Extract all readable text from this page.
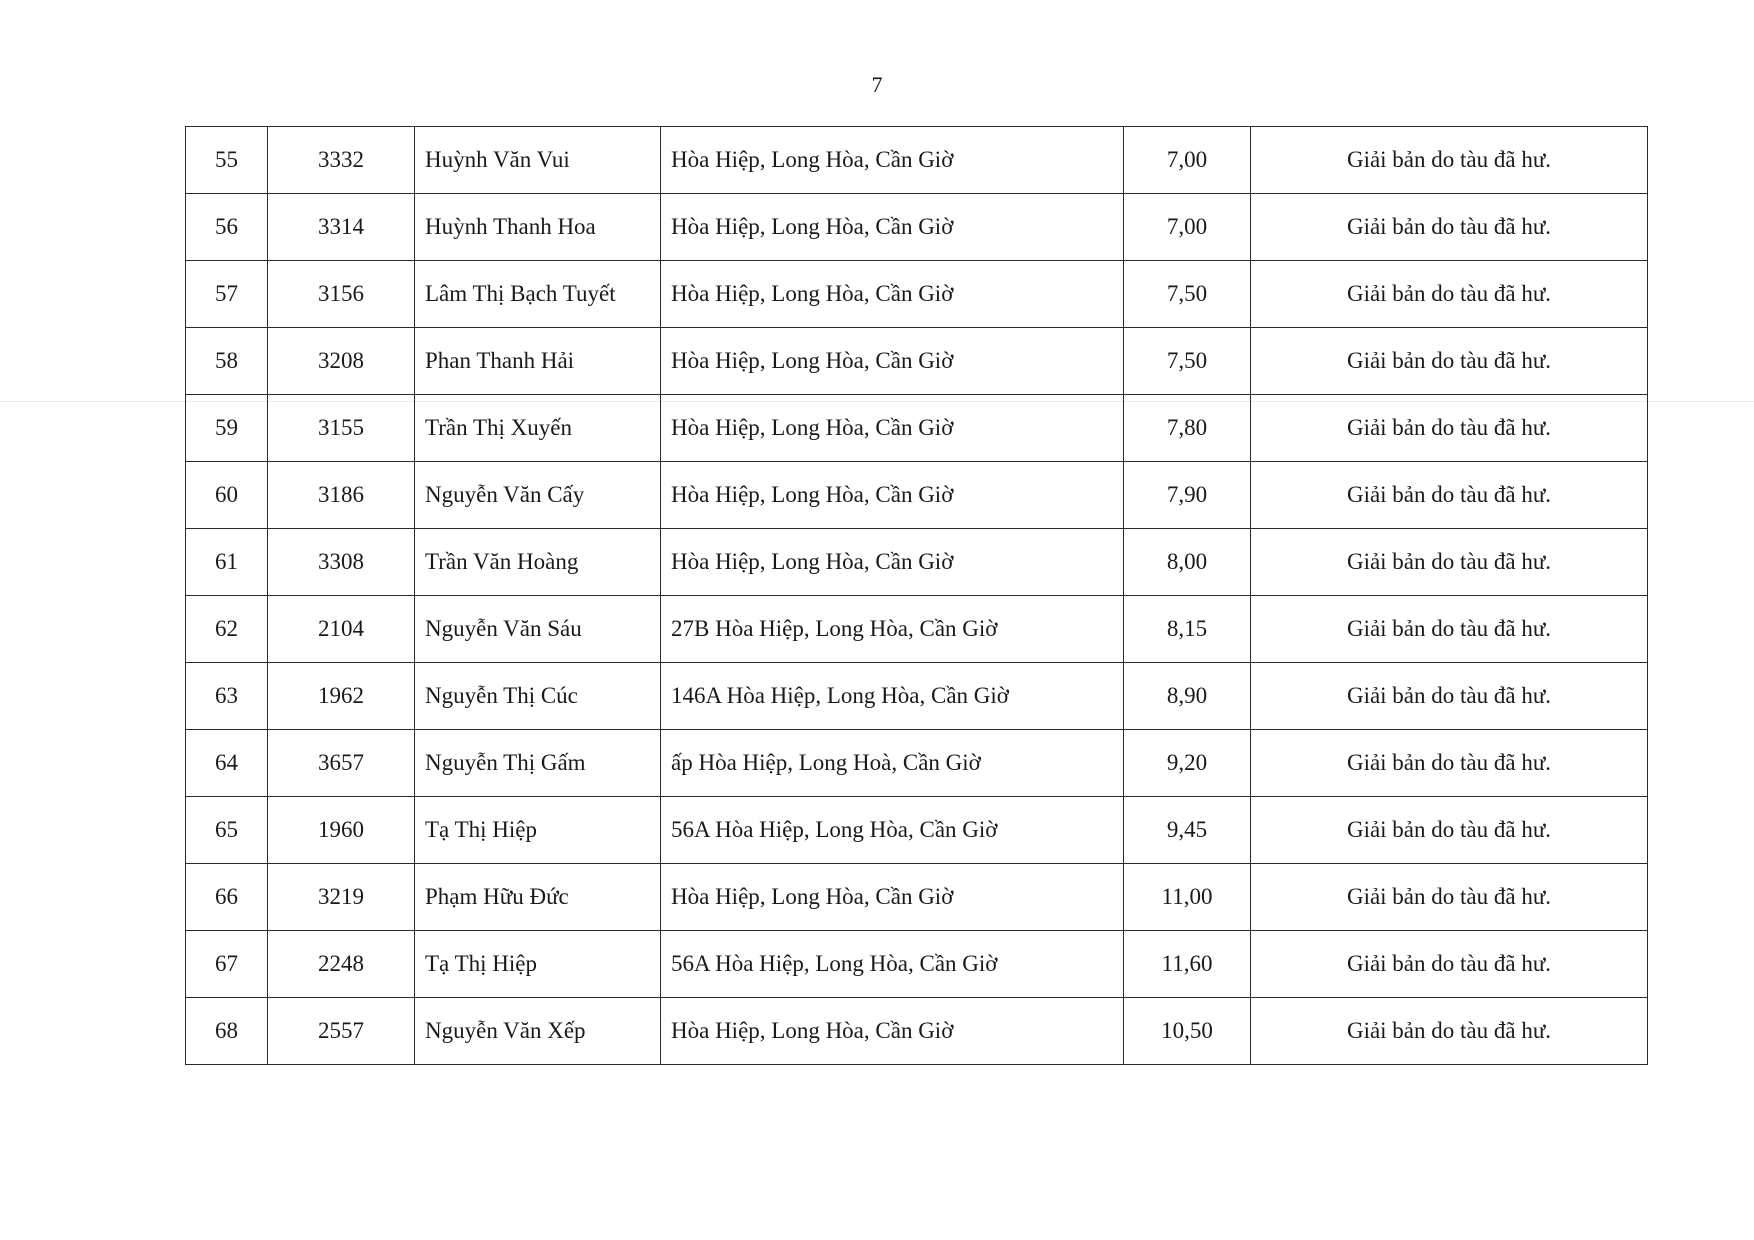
7
55	3332	Huỳnh Văn Vui	Hòa Hiệp, Long Hòa, Cần Giờ	7,00	Giải bản do tàu đã hư.
56	3314	Huỳnh Thanh Hoa	Hòa Hiệp, Long Hòa, Cần Giờ	7,00	Giải bản do tàu đã hư.
57	3156	Lâm Thị Bạch Tuyết	Hòa Hiệp, Long Hòa, Cần Giờ	7,50	Giải bản do tàu đã hư.
58	3208	Phan Thanh Hải	Hòa Hiệp, Long Hòa, Cần Giờ	7,50	Giải bản do tàu đã hư.
59	3155	Trần Thị Xuyến	Hòa Hiệp, Long Hòa, Cần Giờ	7,80	Giải bản do tàu đã hư.
60	3186	Nguyễn Văn Cấy	Hòa Hiệp, Long Hòa, Cần Giờ	7,90	Giải bản do tàu đã hư.
61	3308	Trần Văn Hoàng	Hòa Hiệp, Long Hòa, Cần Giờ	8,00	Giải bản do tàu đã hư.
62	2104	Nguyễn Văn Sáu	27B Hòa Hiệp, Long Hòa, Cần Giờ	8,15	Giải bản do tàu đã hư.
63	1962	Nguyễn Thị Cúc	146A Hòa Hiệp, Long Hòa, Cần Giờ	8,90	Giải bản do tàu đã hư.
64	3657	Nguyễn Thị Gấm	ấp Hòa Hiệp, Long Hoà, Cần Giờ	9,20	Giải bản do tàu đã hư.
65	1960	Tạ Thị Hiệp	56A Hòa Hiệp, Long Hòa, Cần Giờ	9,45	Giải bản do tàu đã hư.
66	3219	Phạm Hữu Đức	Hòa Hiệp, Long Hòa, Cần Giờ	11,00	Giải bản do tàu đã hư.
67	2248	Tạ Thị Hiệp	56A Hòa Hiệp, Long Hòa, Cần Giờ	11,60	Giải bản do tàu đã hư.
68	2557	Nguyễn Văn Xếp	Hòa Hiệp, Long Hòa, Cần Giờ	10,50	Giải bản do tàu đã hư.
